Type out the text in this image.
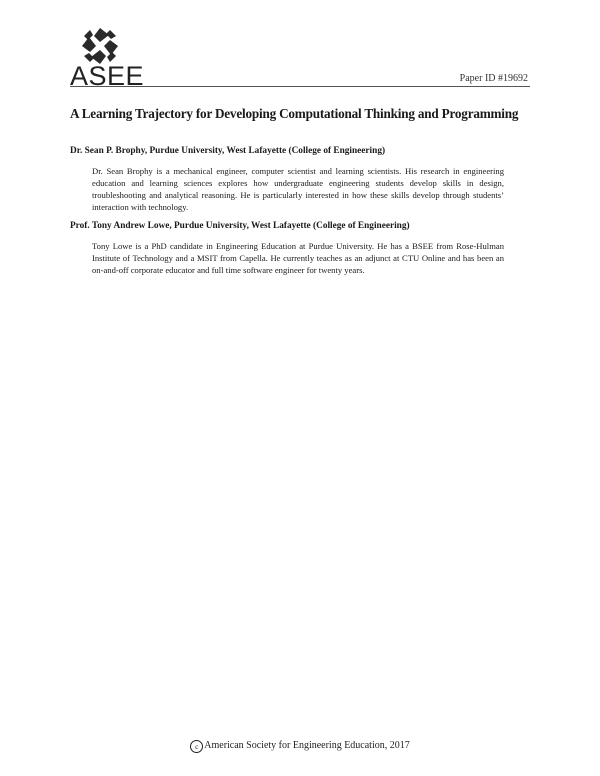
ASEE	Paper ID #19692
A Learning Trajectory for Developing Computational Thinking and Programming
Dr. Sean P. Brophy, Purdue University, West Lafayette (College of Engineering)

Dr. Sean Brophy is a mechanical engineer, computer scientist and learning scientists. His research in engineering education and learning sciences explores how undergraduate engineering students develop skills in design, troubleshooting and analytical reasoning. He is particularly interested in how these skills develop through students’ interaction with technology.

Prof. Tony Andrew Lowe, Purdue University, West Lafayette (College of Engineering)

Tony Lowe is a PhD candidate in Engineering Education at Purdue University. He has a BSEE from Rose-Hulman Institute of Technology and a MSIT from Capella. He currently teaches as an adjunct at CTU Online and has been an on-and-off corporate educator and full time software engineer for twenty years.

c American Society for Engineering Education, 2017
